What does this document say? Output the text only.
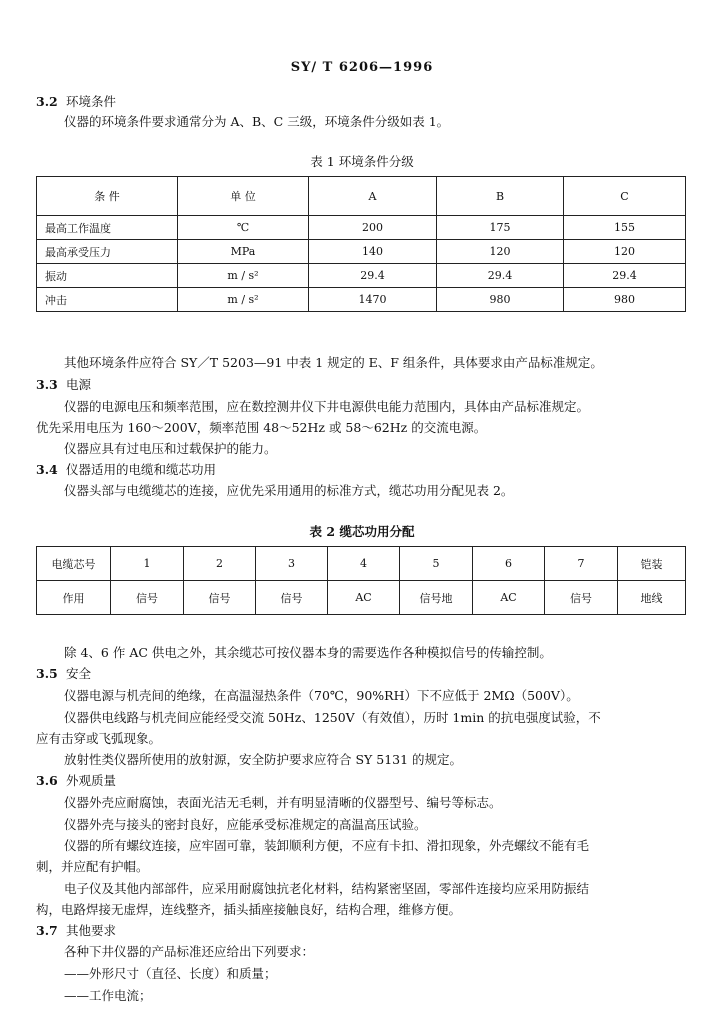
SY/ T 6206—1996
3.2 环境条件
仪器的环境条件要求通常分为 A、B、C 三级，环境条件分级如表 1。
表 1 环境条件分级
条 件	单 位	A	B	C
最高工作温度	℃	200	175	155
最高承受压力	MPa	140	120	120
振动	m / s²	29.4	29.4	29.4
冲击	m / s²	1470	980	980
其他环境条件应符合 SY／T 5203—91 中表 1 规定的 E、F 组条件，具体要求由产品标准规定。
3.3 电源
仪器的电源电压和频率范围，应在数控测井仪下井电源供电能力范围内，具体由产品标准规定。
优先采用电压为 160～200V，频率范围 48～52Hz 或 58～62Hz 的交流电源。
仪器应具有过电压和过载保护的能力。
3.4 仪器适用的电缆和缆芯功用
仪器头部与电缆缆芯的连接，应优先采用通用的标准方式，缆芯功用分配见表 2。
表 2 缆芯功用分配
电缆芯号	1	2	3	4	5	6	7	铠装
作用	信号	信号	信号	AC	信号地	AC	信号	地线
除 4、6 作 AC 供电之外，其余缆芯可按仪器本身的需要选作各种模拟信号的传输控制。
3.5 安全
仪器电源与机壳间的绝缘，在高温湿热条件（70℃，90%RH）下不应低于 2MΩ（500V）。
仪器供电线路与机壳间应能经受交流 50Hz、1250V（有效值），历时 1min 的抗电强度试验，不
应有击穿或飞弧现象。
放射性类仪器所使用的放射源，安全防护要求应符合 SY 5131 的规定。
3.6 外观质量
仪器外壳应耐腐蚀，表面光洁无毛刺，并有明显清晰的仪器型号、编号等标志。
仪器外壳与接头的密封良好，应能承受标准规定的高温高压试验。
仪器的所有螺纹连接，应牢固可靠，装卸顺利方便，不应有卡扣、滑扣现象，外壳螺纹不能有毛
刺，并应配有护帽。
电子仪及其他内部部件，应采用耐腐蚀抗老化材料，结构紧密坚固，零部件连接均应采用防振结
构，电路焊接无虚焊，连线整齐，插头插座接触良好，结构合理，维修方便。
3.7 其他要求
各种下井仪器的产品标准还应给出下列要求：
——外形尺寸（直径、长度）和质量；
——工作电流；
